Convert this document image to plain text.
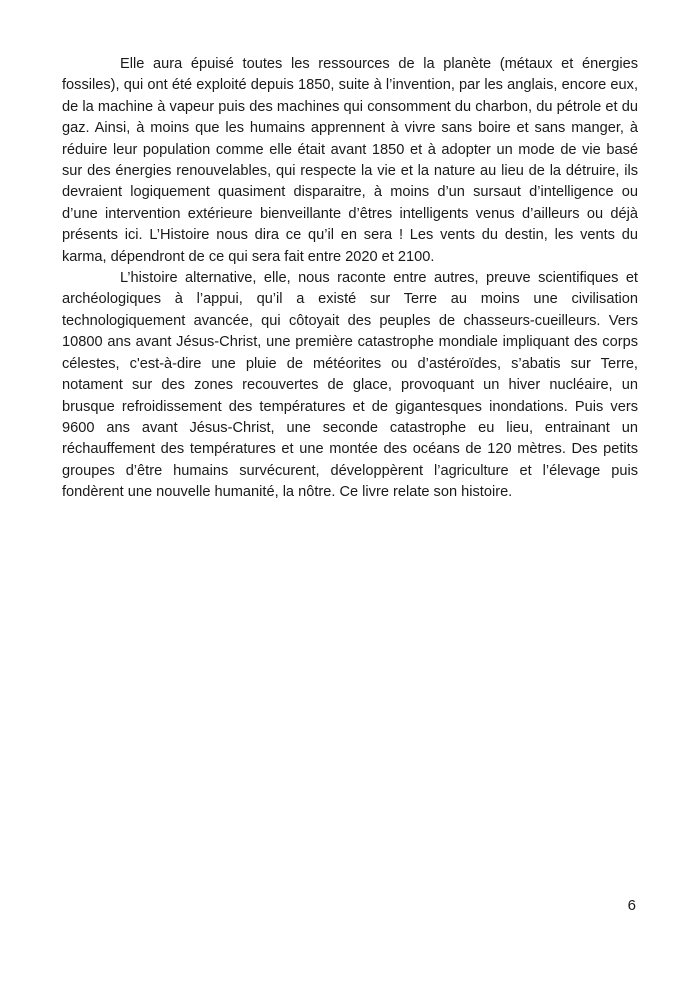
Elle aura épuisé toutes les ressources de la planète (métaux et énergies fossiles), qui ont été exploité depuis 1850, suite à l’invention, par les anglais, encore eux, de la machine à vapeur puis des machines qui consomment du charbon, du pétrole et du gaz. Ainsi, à moins que les humains apprennent à vivre sans boire et sans manger, à réduire leur population comme elle était avant 1850 et à adopter un mode de vie basé sur des énergies renouvelables, qui respecte la vie et la nature au lieu de la détruire, ils devraient logiquement quasiment disparaitre, à moins d’un sursaut d’intelligence ou d’une intervention extérieure bienveillante d’êtres intelligents venus d’ailleurs ou déjà présents ici. L’Histoire nous dira ce qu’il en sera ! Les vents du destin, les vents du karma, dépendront de ce qui sera fait entre 2020 et 2100.

L’histoire alternative, elle, nous raconte entre autres, preuve scientifiques et archéologiques à l’appui, qu’il a existé sur Terre au moins une civilisation technologiquement avancée, qui côtoyait des peuples de chasseurs-cueilleurs. Vers 10800 ans avant Jésus-Christ, une première catastrophe mondiale impliquant des corps célestes, c'est-à-dire une pluie de météorites ou d’astéroïdes, s’abatis sur Terre, notament sur des zones recouvertes de glace, provoquant un hiver nucléaire, un brusque refroidissement des températures et de gigantesques inondations. Puis vers 9600 ans avant Jésus-Christ, une seconde catastrophe eu lieu, entrainant un réchauffement des températures et une montée des océans de 120 mètres. Des petits groupes d’être humains survécurent, développèrent l’agriculture et l’élevage puis fondèrent une nouvelle humanité, la nôtre. Ce livre relate son histoire.

6
